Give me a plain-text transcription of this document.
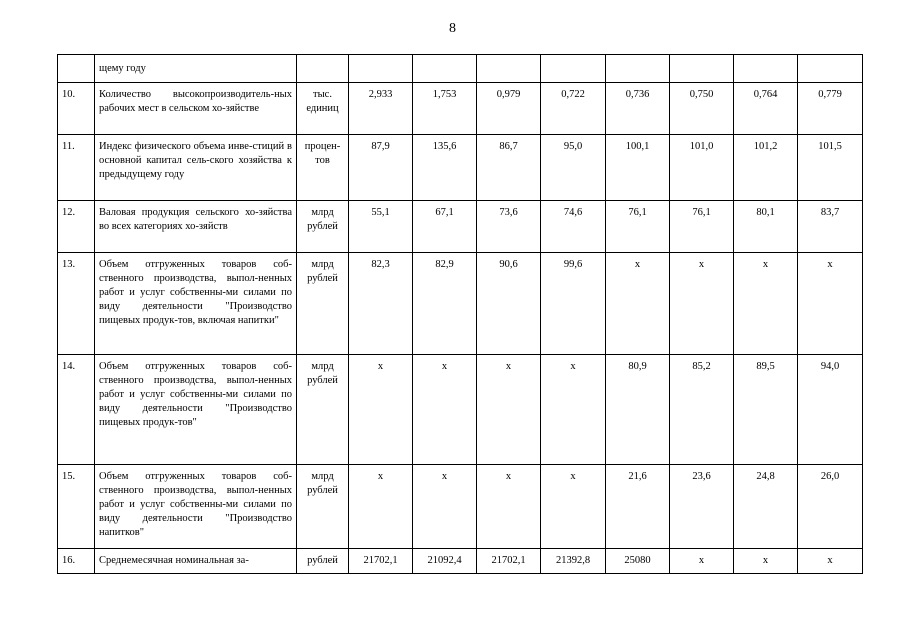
8
	щему году									
10.	Количество высокопроизводитель-ных рабочих мест в сельском хо-зяйстве	тыс. единиц	2,933	1,753	0,979	0,722	0,736	0,750	0,764	0,779
11.	Индекс физического объема инве-стиций в основной капитал сель-ского хозяйства к предыдущему году	процен-тов	87,9	135,6	86,7	95,0	100,1	101,0	101,2	101,5
12.	Валовая продукция сельского хо-зяйства во всех категориях хо-зяйств	млрд рублей	55,1	67,1	73,6	74,6	76,1	76,1	80,1	83,7
13.	Объем отгруженных товаров соб-ственного производства, выпол-ненных работ и услуг собственны-ми силами по виду деятельности "Производство пищевых продук-тов, включая напитки"	млрд рублей	82,3	82,9	90,6	99,6	х	х	х	х
14.	Объем отгруженных товаров соб-ственного производства, выпол-ненных работ и услуг собственны-ми силами по виду деятельности "Производство пищевых продук-тов"	млрд рублей	х	х	х	х	80,9	85,2	89,5	94,0
15.	Объем отгруженных товаров соб-ственного производства, выпол-ненных работ и услуг собственны-ми силами по виду деятельности "Производство напитков"	млрд рублей	х	х	х	х	21,6	23,6	24,8	26,0
16.	Среднемесячная номинальная за-	рублей	21702,1	21092,4	21702,1	21392,8	25080	х	х	х
